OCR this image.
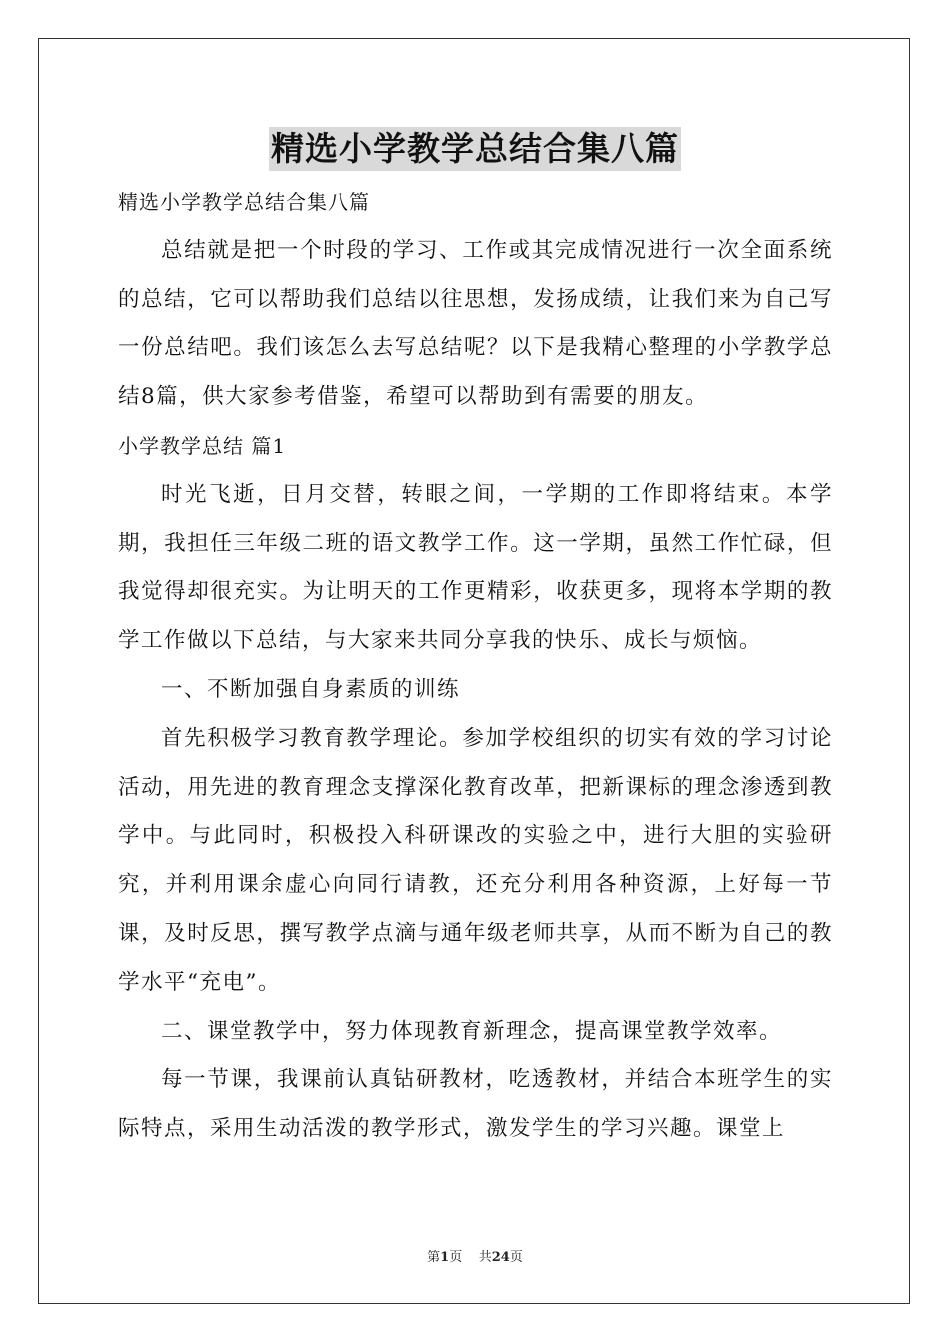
精选小学教学总结合集八篇

精选小学教学总结合集八篇

总结就是把一个时段的学习、工作或其完成情况进行一次全面系统的总结，它可以帮助我们总结以往思想，发扬成绩，让我们来为自己写一份总结吧。我们该怎么去写总结呢？以下是我精心整理的小学教学总结8篇，供大家参考借鉴，希望可以帮助到有需要的朋友。

小学教学总结 篇1

时光飞逝，日月交替，转眼之间，一学期的工作即将结束。本学期，我担任三年级二班的语文教学工作。这一学期，虽然工作忙碌，但我觉得却很充实。为让明天的工作更精彩，收获更多，现将本学期的教学工作做以下总结，与大家来共同分享我的快乐、成长与烦恼。

一、不断加强自身素质的训练

首先积极学习教育教学理论。参加学校组织的切实有效的学习讨论活动，用先进的教育理念支撑深化教育改革，把新课标的理念渗透到教学中。与此同时，积极投入科研课改的实验之中，进行大胆的实验研究，并利用课余虚心向同行请教，还充分利用各种资源，上好每一节课，及时反思，撰写教学点滴与通年级老师共享，从而不断为自己的教学水平“充电”。

二、课堂教学中，努力体现教育新理念，提高课堂教学效率。

每一节课，我课前认真钻研教材，吃透教材，并结合本班学生的实际特点，采用生动活泼的教学形式，激发学生的学习兴趣。课堂上

第1页    共24页
